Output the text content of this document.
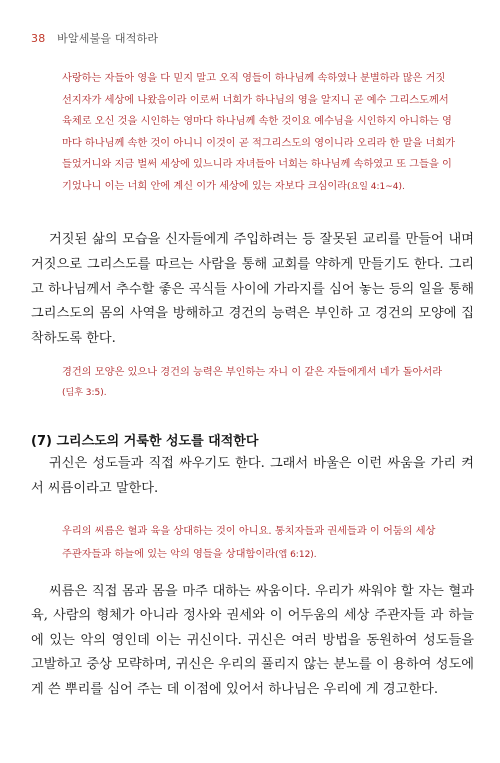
38 바알세불을 대적하라
사랑하는 자들아 영을 다 믿지 말고 오직 영들이 하나님께 속하였나 분별하라 많은 거짓
선지자가 세상에 나왔음이라 이로써 너희가 하나님의 영을 알지니 곧 예수 그리스도께서
육체로 오신 것을 시인하는 영마다 하나님께 속한 것이요 예수님을 시인하지 아니하는 영
마다 하나님께 속한 것이 아니니 이것이 곧 적그리스도의 영이니라 오리라 한 말을 너희가
들었거니와 지금 벌써 세상에 있느니라 자녀들아 너희는 하나님께 속하였고 또 그들을 이
기었나니 이는 너희 안에 계신 이가 세상에 있는 자보다 크심이라(요일 4:1~4).
거짓된 삶의 모습을 신자들에게 주입하려는 등 잘못된 교리를 만들어 내며 거짓으로 그리스도를 따르는 사람을 통해 교회를 약하게 만들기도 한다. 그리고 하나님께서 추수할 좋은 곡식들 사이에 가라지를 심어 놓는 등의 일을 통해 그리스도의 몸의 사역을 방해하고 경건의 능력은 부인하 고 경건의 모양에 집착하도록 한다.
경건의 모양은 있으나 경건의 능력은 부인하는 자니 이 같은 자들에게서 네가 돌아서라
(딤후 3:5).
(7) 그리스도의 거룩한 성도를 대적한다
귀신은 성도들과 직접 싸우기도 한다. 그래서 바울은 이런 싸움을 가리 켜서 씨름이라고 말한다.
우리의 씨름은 혈과 육을 상대하는 것이 아니요. 통치자들과 권세들과 이 어둠의 세상
주관자들과 하늘에 있는 악의 영들을 상대함이라(엡 6:12).
씨름은 직접 몸과 몸을 마주 대하는 싸움이다. 우리가 싸워야 할 자는 혈과 육, 사람의 형체가 아니라 정사와 권세와 이 어두움의 세상 주관자들 과 하늘에 있는 악의 영인데 이는 귀신이다. 귀신은 여러 방법을 동원하여 성도들을 고발하고 중상 모략하며, 귀신은 우리의 풀리지 않는 분노를 이 용하여 성도에게 쓴 뿌리를 심어 주는 데 이점에 있어서 하나님은 우리에 게 경고한다.
